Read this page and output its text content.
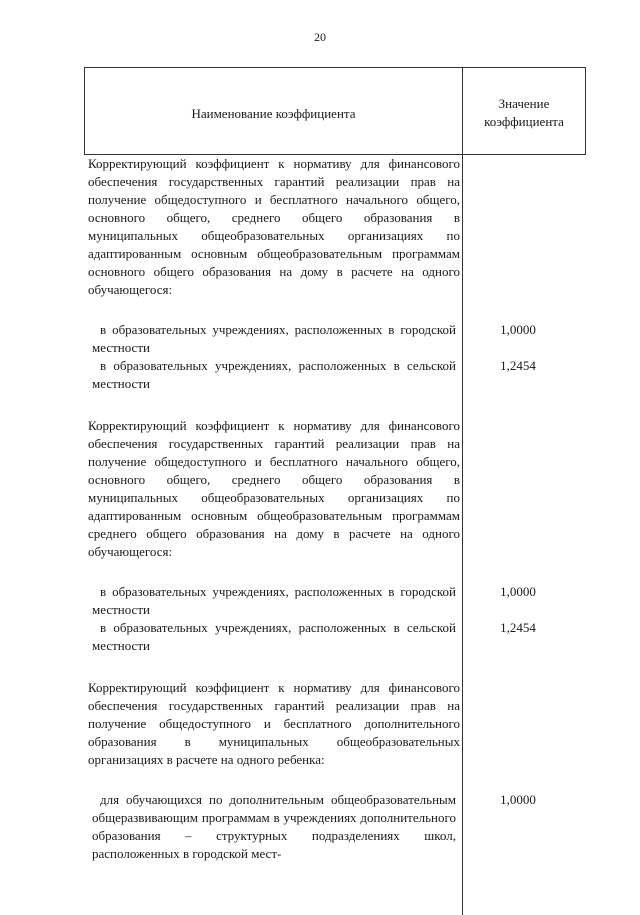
20
Наименование коэффициента
Значение
коэффициента

Корректирующий коэффициент к нормативу для финансового обеспечения государственных гарантий реализации прав на получение общедоступного и бесплатного начального общего, основного общего, среднего общего образования в муниципальных общеобразовательных организациях по адаптированным основным общеобразовательным программам основного общего образования на дому в расчете на одного обучающегося:

в образовательных учреждениях, расположенных в городской местности

1,0000

в образовательных учреждениях, расположенных в сельской местности

1,2454

Корректирующий коэффициент к нормативу для финансового обеспечения государственных гарантий реализации прав на получение общедоступного и бесплатного начального общего, основного общего, среднего общего образования в муниципальных общеобразовательных организациях по адаптированным основным общеобразовательным программам среднего общего образования на дому в расчете на одного обучающегося:

в образовательных учреждениях, расположенных в городской местности

1,0000

в образовательных учреждениях, расположенных в сельской местности

1,2454

Корректирующий коэффициент к нормативу для финансового обеспечения государственных гарантий реализации прав на получение общедоступного и бесплатного дополнительного образования в муниципальных общеобразовательных организациях в расчете на одного ребенка:

для обучающихся по дополнительным общеобразовательным общеразвивающим программам в учреждениях дополнительного образования – структурных подразделениях школ, расположенных в городской мест-

1,0000
